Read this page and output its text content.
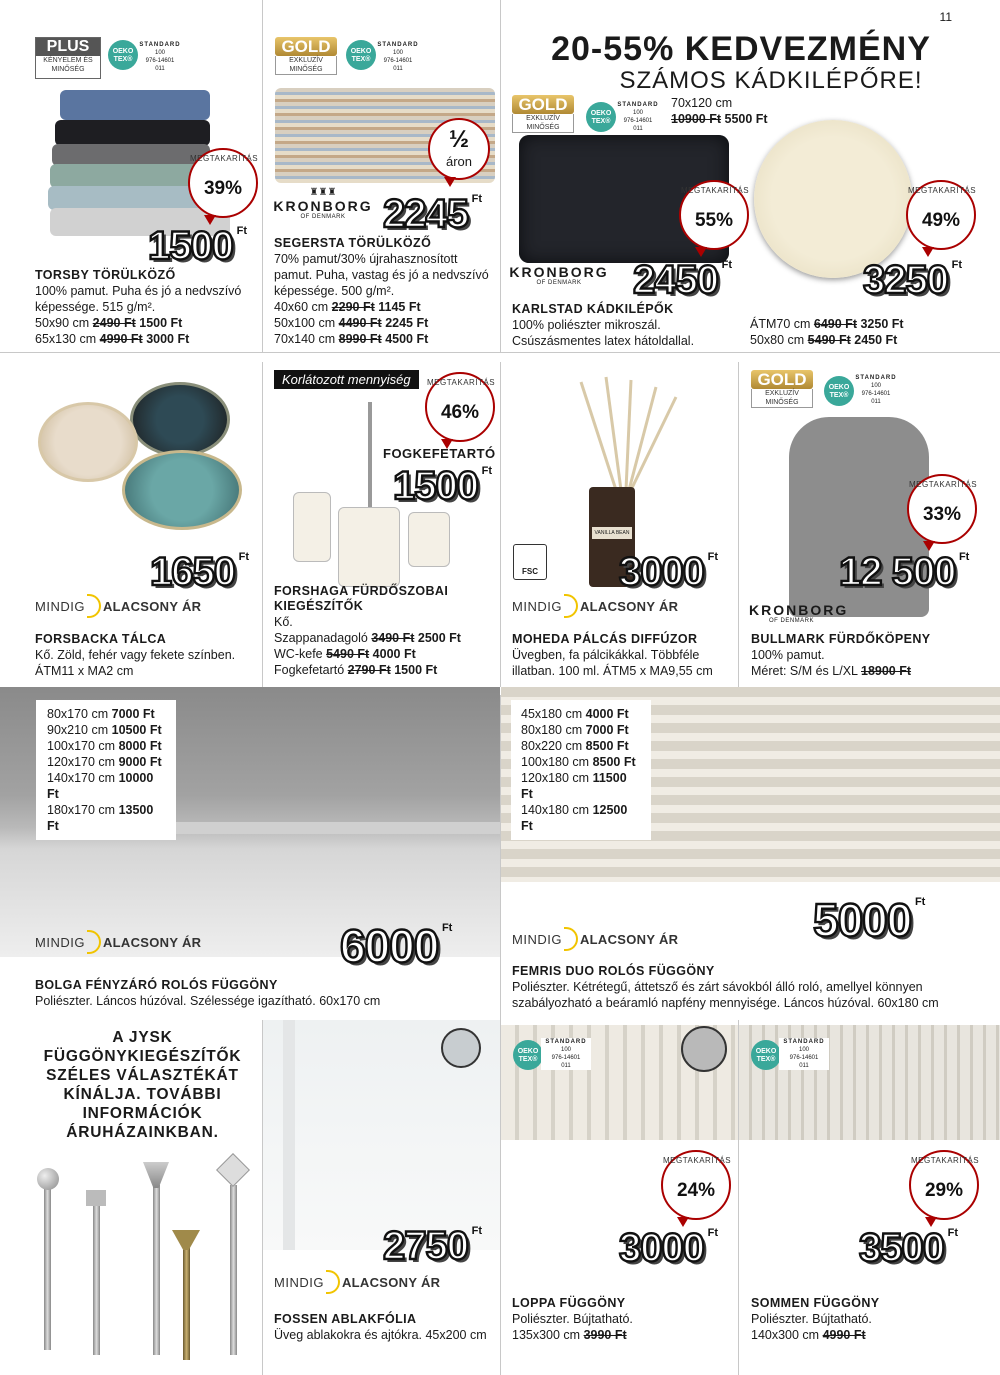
11
PLUS
KÉNYELEM ÉS MINŐSÉG
OEKO TEX®
STANDARD
100
976-14601
011
MEGTAKARÍTÁS
39%
1500 Ft
TORSBY TÖRÜLKÖZŐ
100% pamut. Puha és jó a nedvszívó képessége. 515 g/m².
50x90 cm 2490 Ft 1500 Ft
65x130 cm 4990 Ft 3000 Ft
GOLD
EXKLUZÍV MINŐSÉG
OEKO TEX®
STANDARD
100
976-14601
011
½
áron
♜♜♜
KRONBORG
OF DENMARK 2245 Ft
SEGERSTA TÖRÜLKÖZŐ
70% pamut/30% újrahasznosított pamut. Puha, vastag és jó a nedvszívó képessége. 500 g/m².
40x60 cm 2290 Ft 1145 Ft
50x100 cm 4490 Ft 2245 Ft
70x140 cm 8990 Ft 4500 Ft
20-55% KEDVEZMÉNY
SZÁMOS KÁDKILÉPŐRE!
GOLD
EXKLUZÍV MINŐSÉG
OEKO TEX®
STANDARD
100
976-14601
011
70x120 cm
10900 Ft 5500 Ft
MEGTAKARÍTÁS
55%
KRONBORG
OF DENMARK	2450 Ft
KARLSTAD KÁDKILÉPŐK
100% poliészter mikroszál. Csúszásmentes latex hátoldallal.
MEGTAKARÍTÁS
49%
3250 Ft
ÁTM70 cm 6490 Ft 3250 Ft
50x80 cm 5490 Ft 2450 Ft
1650 Ft
MINDIG ALACSONY ÁR
FORSBACKA TÁLCA
Kő. Zöld, fehér vagy fekete színben. ÁTM11 x MA2 cm
Korlátozott mennyiség	MEGTAKARÍTÁS
46%
FOGKEFETARTÓ
1500 Ft
FORSHAGA FÜRDŐSZOBAI KIEGÉSZÍTŐK
Kő.
Szappanadagoló 3490 Ft 2500 Ft
WC-kefe 5490 Ft 4000 Ft
Fogkefetartó 2790 Ft 1500 Ft
VANILLA BEAN
FSC 3000 Ft
MINDIG ALACSONY ÁR
MOHEDA PÁLCÁS DIFFÚZOR
Üvegben, fa pálcikákkal. Többféle illatban. 100 ml. ÁTM5 x MA9,55 cm
GOLD
EXKLUZÍV MINŐSÉG
OEKO TEX®
STANDARD
100
976-14601
011
MEGTAKARÍTÁS
33%
12 500 Ft
KRONBORG
OF DENMARK
BULLMARK FÜRDŐKÖPENY
100% pamut.
Méret: S/M és L/XL 18900 Ft
80x170 cm 7000 Ft
90x210 cm 10500 Ft
100x170 cm 8000 Ft
120x170 cm 9000 Ft
140x170 cm 10000 Ft
180x170 cm 13500 Ft
MINDIG ALACSONY ÁR	6000 Ft
BOLGA FÉNYZÁRÓ ROLÓS FÜGGÖNY
Poliészter. Láncos húzóval. Szélessége igazítható. 60x170 cm
45x180 cm 4000 Ft
80x180 cm 7000 Ft
80x220 cm 8500 Ft
100x180 cm 8500 Ft
120x180 cm 11500 Ft
140x180 cm 12500 Ft
MINDIG ALACSONY ÁR	5000 Ft
FEMRIS DUO ROLÓS FÜGGÖNY
Poliészter. Kétrétegű, áttetsző és zárt sávokból álló roló, amellyel könnyen szabályozható a beáramló napfény mennyisége. Láncos húzóval. 60x180 cm
A JYSK FÜGGÖNYKIEGÉSZÍTŐK SZÉLES VÁLASZTÉKÁT KÍNÁLJA. TOVÁBBI INFORMÁCIÓK ÁRUHÁZAINKBAN.
2750 Ft
MINDIG ALACSONY ÁR
FOSSEN ABLAKFÓLIA
Üveg ablakokra és ajtókra. 45x200 cm
OEKO TEX®
STANDARD
100
976-14601
011
MEGTAKARÍTÁS
24%
3000 Ft
LOPPA FÜGGÖNY
Poliészter. Bújtatható.
135x300 cm 3990 Ft
OEKO TEX®
STANDARD
100
976-14601
011
MEGTAKARÍTÁS
29%
3500 Ft
SOMMEN FÜGGÖNY
Poliészter. Bújtatható.
140x300 cm 4990 Ft
